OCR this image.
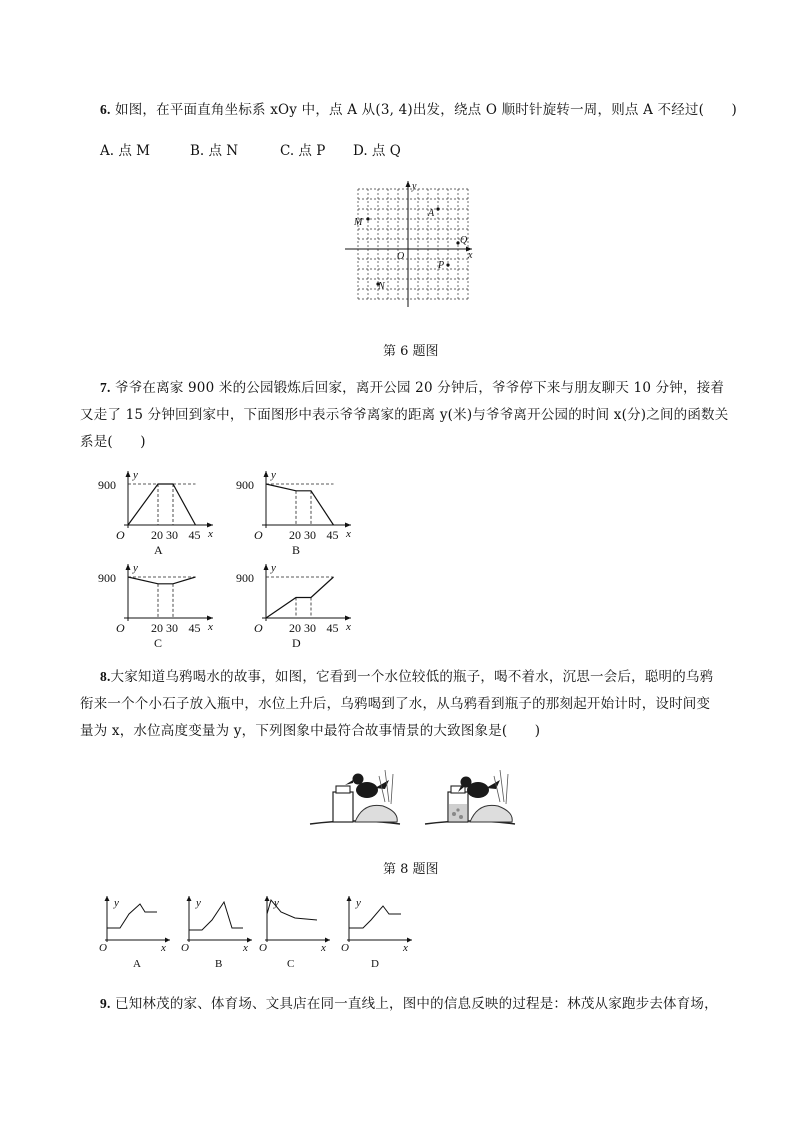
6. 如图，在平面直角坐标系 xOy 中，点 A 从(3, 4)出发，绕点 O 顺时针旋转一周，则点 A 不经过(　　)
A. 点 M	B. 点 N	C. 点 P D. 点 Q
y
x
O
A
M
Q
P
N
第 6 题图
7. 爷爷在离家 900 米的公园锻炼后回家，离开公园 20 分钟后，爷爷停下来与朋友聊天 10 分钟，接着
又走了 15 分钟回到家中，下面图形中表示爷爷离家的距离 y(米)与爷爷离开公园的时间 x(分)之间的函数关
系是(　　)
900
y
O 20 30 45 x
A
900
y
O 20 30 45 x
B
900
y
O 20 30 45 x
C
900
y
O 20 30 45 x
D
8.大家知道乌鸦喝水的故事，如图，它看到一个水位较低的瓶子，喝不着水，沉思一会后，聪明的乌鸦
衔来一个个小石子放入瓶中，水位上升后，乌鸦喝到了水，从乌鸦看到瓶子的那刻起开始计时，设时间变
量为 x，水位高度变量为 y，下列图象中最符合故事情景的大致图象是(　　)
第 8 题图
y
x
O
A
y
x
O
B
y
x
O
C
y
x
O
D
9. 已知林茂的家、体育场、文具店在同一直线上，图中的信息反映的过程是：林茂从家跑步去体育场，
